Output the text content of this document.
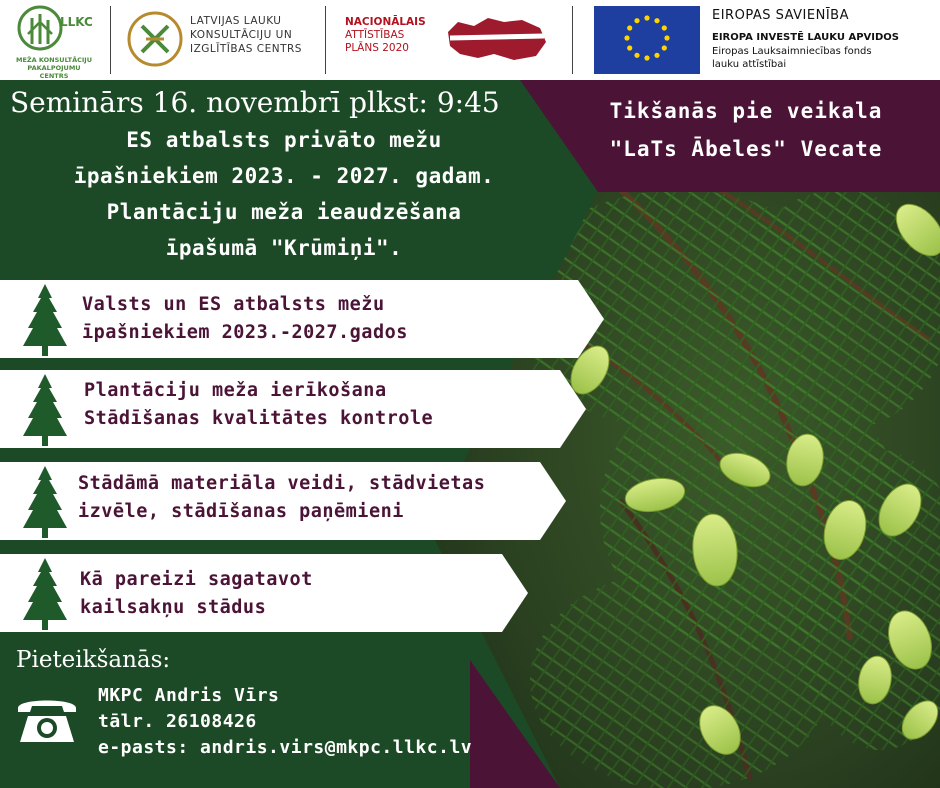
LLKC
MEŽA KONSULTĀCIJU PAKALPOJUMU CENTRS
LATVIJAS LAUKU
KONSULTĀCIJU UN
IZGLĪTĪBAS CENTRS
NACIONĀLAIS
ATTĪSTĪBAS
PLĀNS 2020
EIROPAS SAVIENĪBA
EIROPA INVESTĒ LAUKU APVIDOS
Eiropas Lauksaimniecības fonds
lauku attīstībai
Seminārs 16. novembrī plkst: 9:45	Tikšanās pie veikala
"LaTs Ābeles" Vecate
ES atbalsts privāto mežu
īpašniekiem 2023. - 2027. gadam.
Plantāciju meža ieaudzēšana
īpašumā "Krūmiņi".
Valsts un ES atbalsts mežu
īpašniekiem 2023.-2027.gados
Plantāciju meža ierīkošana
Stādīšanas kvalitātes kontrole
Stādāmā materiāla veidi, stādvietas
izvēle, stādīšanas paņēmieni
Kā pareizi sagatavot
kailsakņu stādus
Pieteikšanās:
MKPC Andris Vīrs
tālr. 26108426
e-pasts: andris.virs@mkpc.llkc.lv
